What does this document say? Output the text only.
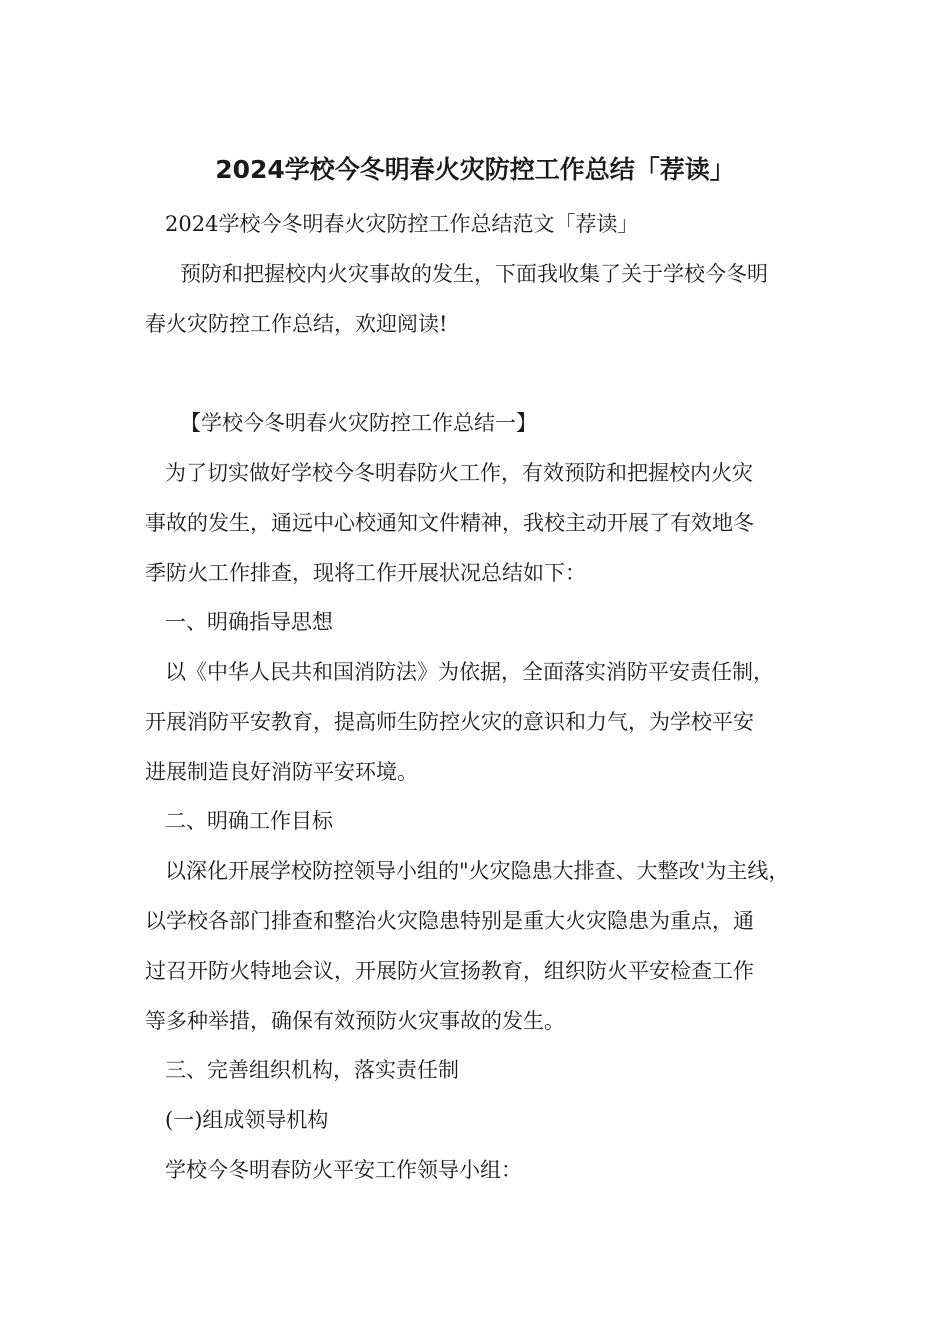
2024学校今冬明春火灾防控工作总结「荐读」

2024学校今冬明春火灾防控工作总结范文「荐读」

预防和把握校内火灾事故的发生，下面我收集了关于学校今冬明

春火灾防控工作总结，欢迎阅读!

【学校今冬明春火灾防控工作总结一】

为了切实做好学校今冬明春防火工作，有效预防和把握校内火灾

事故的发生，通远中心校通知文件精神，我校主动开展了有效地冬

季防火工作排查，现将工作开展状况总结如下：

一、明确指导思想

以《中华人民共和国消防法》为依据，全面落实消防平安责任制，

开展消防平安教育，提高师生防控火灾的意识和力气，为学校平安

进展制造良好消防平安环境。

二、明确工作目标

以深化开展学校防控领导小组的"火灾隐患大排查、大整改'为主线，

以学校各部门排查和整治火灾隐患特别是重大火灾隐患为重点，通

过召开防火特地会议，开展防火宣扬教育，组织防火平安检查工作

等多种举措，确保有效预防火灾事故的发生。

三、完善组织机构，落实责任制

(一)组成领导机构

学校今冬明春防火平安工作领导小组：
